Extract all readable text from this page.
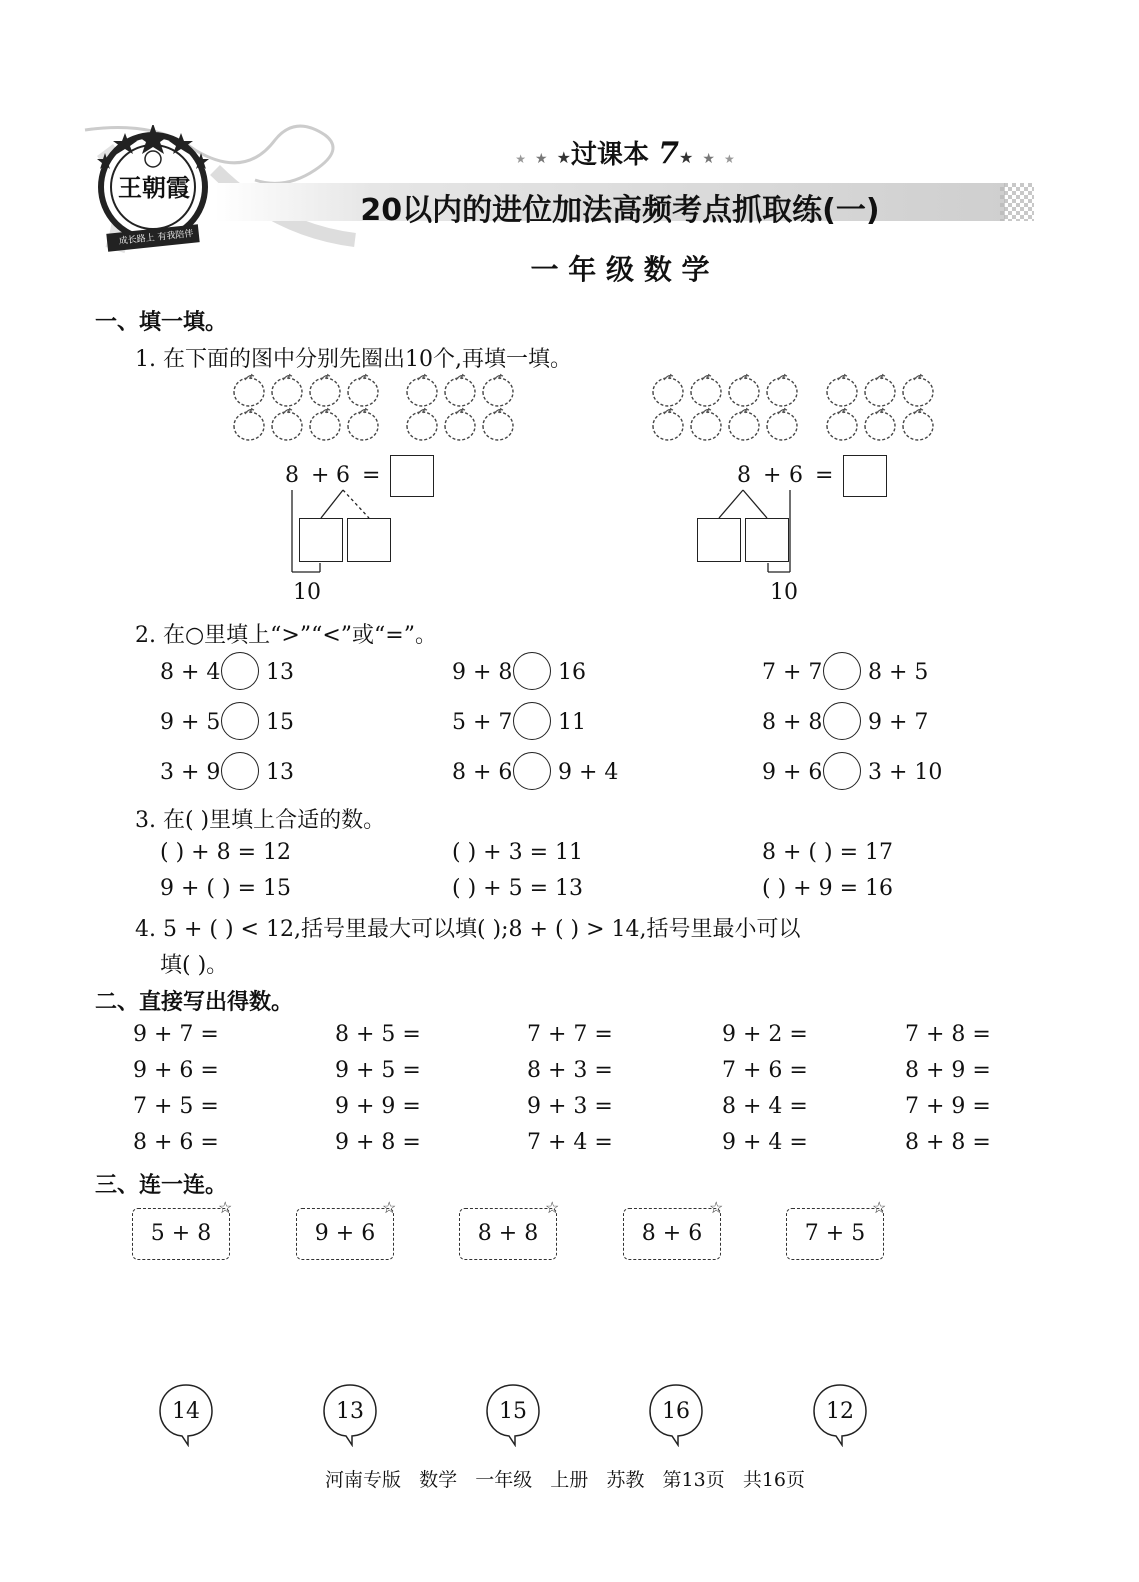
王朝霞
成长路上 有我陪伴
★ ★ ★过课本 7★ ★ ★
20以内的进位加法高频考点抓取练(一)
一 年 级 数 学
一、填一填。
1. 在下面的图中分别先圈出10个,再填一填。
8 + 6 =
10
8 + 6 =
10
2. 在○里填上“>”“<”或“=”。
8 + 4 13	9 + 8 16	7 + 7 8 + 5
9 + 5 15	5 + 7 11	8 + 8 9 + 7
3 + 9 13	8 + 6 9 + 4	9 + 6 3 + 10
3. 在( )里填上合适的数。
( ) + 8 = 12	( ) + 3 = 11	8 + ( ) = 17
9 + ( ) = 15	( ) + 5 = 13	( ) + 9 = 16
4. 5 + ( ) < 12,括号里最大可以填( );8 + ( ) > 14,括号里最小可以
填( )。
二、直接写出得数。
9 + 7 =	8 + 5 =	7 + 7 =	9 + 2 =	7 + 8 =
9 + 6 =	9 + 5 =	8 + 3 =	7 + 6 =	8 + 9 =
7 + 5 =	9 + 9 =	9 + 3 =	8 + 4 =	7 + 9 =
8 + 6 =	9 + 8 =	7 + 4 =	9 + 4 =	8 + 8 =
三、连一连。
5 + 8
☆
9 + 6
☆
8 + 8
☆
8 + 6
☆
7 + 5
☆
14	13	15	16	12
河南专版   数学   一年级   上册   苏教   第13页   共16页
